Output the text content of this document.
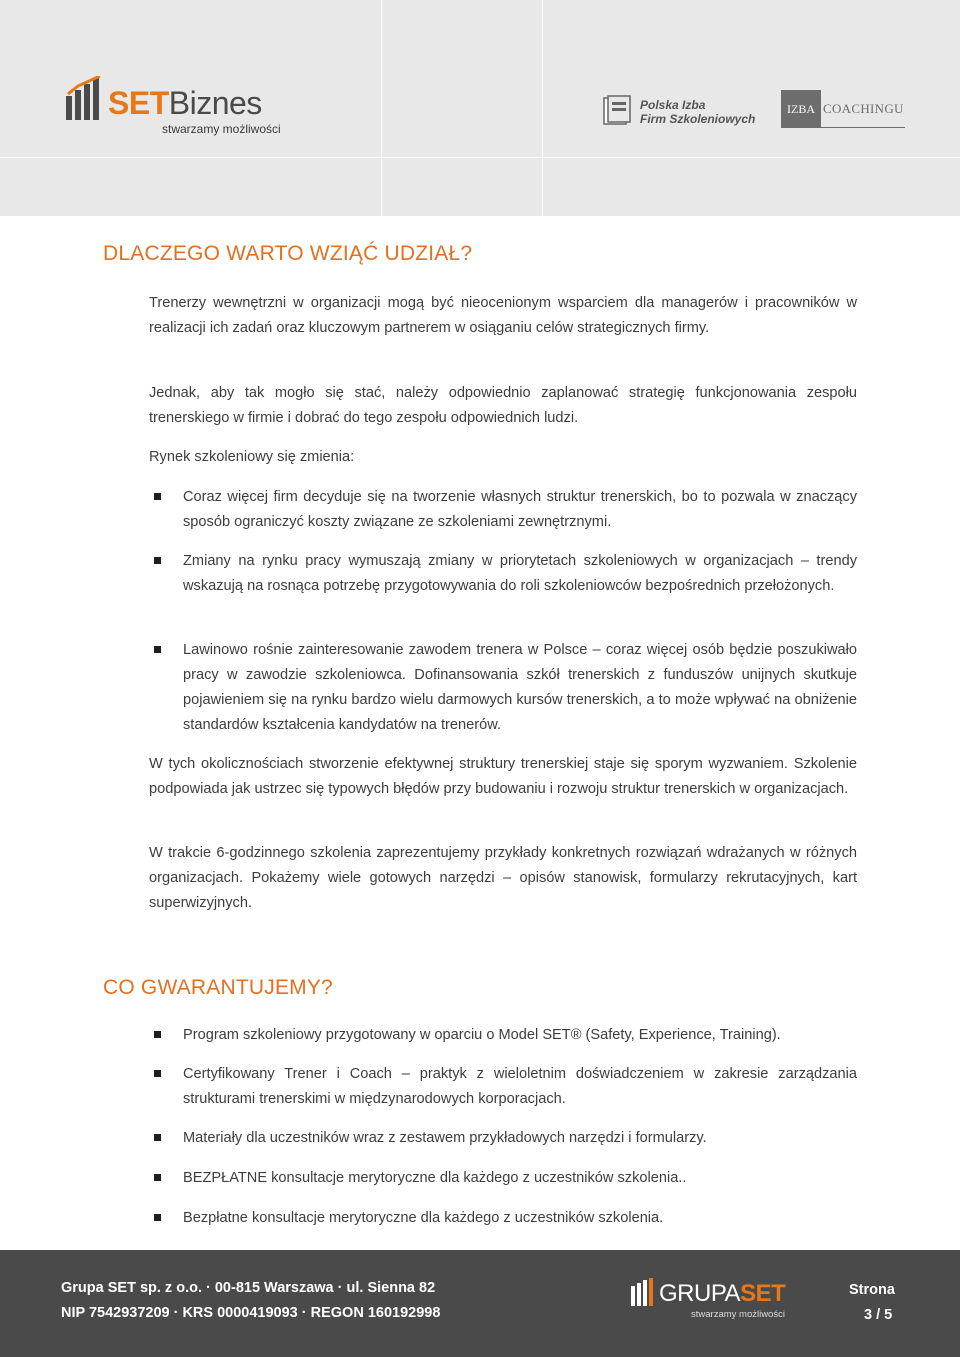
SETBiznes
stwarzamy możliwości
Polska Izba
Firm Szkoleniowych
IZBA COACHINGU
DLACZEGO WARTO WZIĄĆ UDZIAŁ?

Trenerzy wewnętrzni w organizacji mogą być nieocenionym wsparciem dla managerów i pracowników w realizacji ich zadań oraz kluczowym partnerem w osiąganiu celów strategicznych firmy.

Jednak, aby tak mogło się stać, należy odpowiednio zaplanować strategię funkcjonowania zespołu trenerskiego w firmie i dobrać do tego zespołu odpowiednich ludzi.

Rynek szkoleniowy się zmienia:

Coraz więcej firm decyduje się na tworzenie własnych struktur trenerskich, bo to pozwala w znaczący sposób ograniczyć koszty związane ze szkoleniami zewnętrznymi.
Zmiany na rynku pracy wymuszają zmiany w priorytetach szkoleniowych w organizacjach – trendy wskazują na rosnąca potrzebę przygotowywania do roli szkoleniowców bezpośrednich przełożonych.
Lawinowo rośnie zainteresowanie zawodem trenera w Polsce – coraz więcej osób będzie poszukiwało pracy w zawodzie szkoleniowca. Dofinansowania szkół trenerskich z funduszów unijnych skutkuje pojawieniem się na rynku bardzo wielu darmowych kursów trenerskich, a to może wpływać na obniżenie standardów kształcenia kandydatów na trenerów.

W tych okolicznościach stworzenie efektywnej struktury trenerskiej staje się sporym wyzwaniem. Szkolenie podpowiada jak ustrzec się typowych błędów przy budowaniu i rozwoju struktur trenerskich w organizacjach.

W trakcie 6-godzinnego szkolenia zaprezentujemy przykłady konkretnych rozwiązań wdrażanych w różnych organizacjach. Pokażemy wiele gotowych narzędzi – opisów stanowisk, formularzy rekrutacyjnych, kart superwizyjnych.

CO GWARANTUJEMY?
Program szkoleniowy przygotowany w oparciu o Model SET® (Safety, Experience, Training).
Certyfikowany Trener i Coach – praktyk z wieloletnim doświadczeniem w zakresie zarządzania strukturami trenerskimi w międzynarodowych korporacjach.
Materiały dla uczestników wraz z zestawem przykładowych narzędzi i formularzy.
BEZPŁATNE konsultacje merytoryczne dla każdego z uczestników szkolenia..
Bezpłatne konsultacje merytoryczne dla każdego z uczestników szkolenia.
Grupa SET sp. z o.o. · 00-815 Warszawa · ul. Sienna 82
NIP 7542937209 · KRS 0000419093 · REGON 160192998
GRUPASET
stwarzamy możliwości
Strona
3 / 5
